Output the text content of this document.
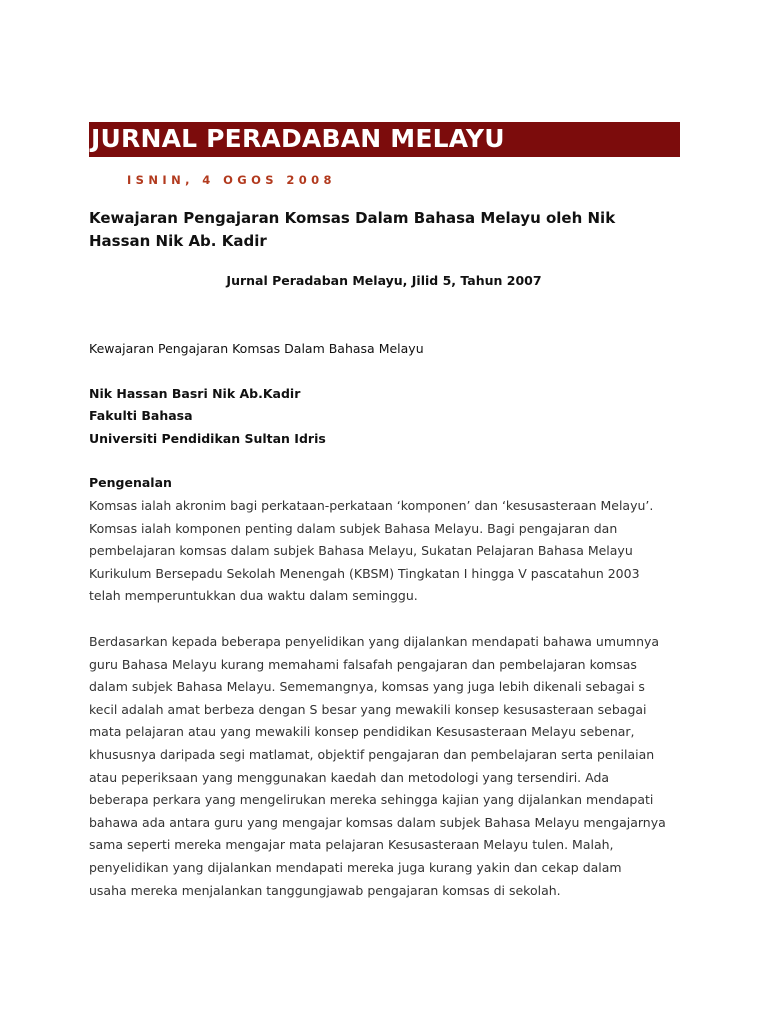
JURNAL PERADABAN MELAYU
ISNIN, 4 OGOS 2008
Kewajaran Pengajaran Komsas Dalam Bahasa Melayu oleh Nik Hassan Nik Ab. Kadir
Jurnal Peradaban Melayu, Jilid 5, Tahun 2007
Kewajaran Pengajaran Komsas Dalam Bahasa Melayu
Nik Hassan Basri Nik Ab.Kadir
Fakulti Bahasa
Universiti Pendidikan Sultan Idris
Pengenalan
Komsas ialah akronim bagi perkataan-perkataan ‘komponen’ dan ‘kesusasteraan Melayu’.
Komsas ialah komponen penting dalam subjek Bahasa Melayu. Bagi pengajaran dan
pembelajaran komsas dalam subjek Bahasa Melayu, Sukatan Pelajaran Bahasa Melayu
Kurikulum Bersepadu Sekolah Menengah (KBSM) Tingkatan I hingga V pascatahun 2003
telah memperuntukkan dua waktu dalam seminggu.
Berdasarkan kepada beberapa penyelidikan yang dijalankan mendapati bahawa umumnya
guru Bahasa Melayu kurang memahami falsafah pengajaran dan pembelajaran komsas
dalam subjek Bahasa Melayu. Sememangnya, komsas yang juga lebih dikenali sebagai s
kecil adalah amat berbeza dengan S besar yang mewakili konsep kesusasteraan sebagai
mata pelajaran atau yang mewakili konsep pendidikan Kesusasteraan Melayu sebenar,
khususnya daripada segi matlamat, objektif pengajaran dan pembelajaran serta penilaian
atau peperiksaan yang menggunakan kaedah dan metodologi yang tersendiri. Ada
beberapa perkara yang mengelirukan mereka sehingga kajian yang dijalankan mendapati
bahawa ada antara guru yang mengajar komsas dalam subjek Bahasa Melayu mengajarnya
sama seperti mereka mengajar mata pelajaran Kesusasteraan Melayu tulen. Malah,
penyelidikan yang dijalankan mendapati mereka juga kurang yakin dan cekap dalam
usaha mereka menjalankan tanggungjawab pengajaran komsas di sekolah.
